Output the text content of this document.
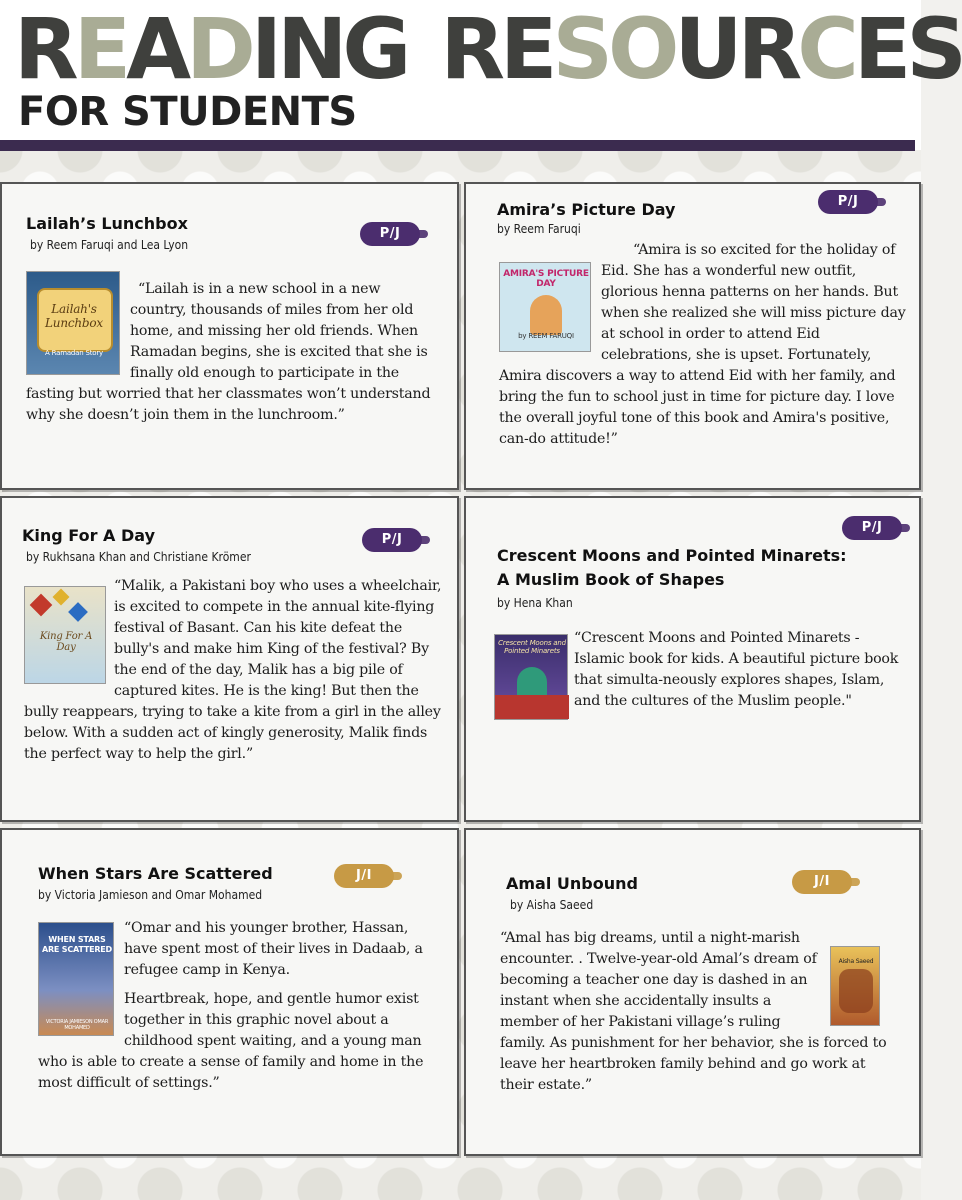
READING RESOURCES
FOR STUDENTS
Lailah’s Lunchbox
by Reem Faruqi and Lea Lyon
P/J
Lailah's Lunchbox
A Ramadan Story
“Lailah is in a new school in a new country, thousands of miles from her old home, and missing her old friends. When Ramadan begins, she is excited that she is finally old enough to participate in the fasting but worried that her classmates won’t understand why she doesn’t join them in the lunchroom.”
Amira’s Picture Day
by Reem Faruqi
P/J
AMIRA'S PICTURE DAY
by REEM FARUQI
“Amira is so excited for the holiday of Eid. She has a wonderful new outfit, glorious henna patterns on her hands. But when she realized she will miss picture day at school in order to attend Eid celebrations, she is upset. Fortunately, Amira discovers a way to attend Eid with her family, and bring the fun to school just in time for picture day. I love the overall joyful tone of this book and Amira's positive, can-do attitude!”
King For A Day
by Rukhsana Khan and Christiane Krömer
P/J
King For A Day
“Malik, a Pakistani boy who uses a wheelchair, is excited to compete in the annual kite-flying festival of Basant. Can his kite defeat the bully's and make him King of the festival? By the end of the day, Malik has a big pile of captured kites. He is the king! But then the bully reappears, trying to take a kite from a girl in the alley below. With a sudden act of kingly generosity, Malik finds the perfect way to help the girl.”
Crescent Moons and Pointed Minarets:
A Muslim Book of Shapes
by Hena Khan
P/J
Crescent Moons and Pointed Minarets
“Crescent Moons and Pointed Minarets - Islamic book for kids. A beautiful picture book that simulta-neously explores shapes, Islam, and the cultures of the Muslim people."
When Stars Are Scattered
by Victoria Jamieson and Omar Mohamed
J/I
WHEN STARS ARE SCATTERED
VICTORIA JAMIESON OMAR MOHAMED

“Omar and his younger brother, Hassan, have spent most of their lives in Dadaab, a refugee camp in Kenya.

Heartbreak, hope, and gentle humor exist together in this graphic novel about a childhood spent waiting, and a young man who is able to create a sense of family and home in the most difficult of settings.”

Amal Unbound
by Aisha Saeed
J/I
Aisha Saeed
“Amal has big dreams, until a night-marish encounter. . Twelve-year-old Amal’s dream of becoming a teacher one day is dashed in an instant when she accidentally insults a member of her Pakistani village’s ruling family. As punishment for her behavior, she is forced to leave her heartbroken family behind and go work at their estate.”
